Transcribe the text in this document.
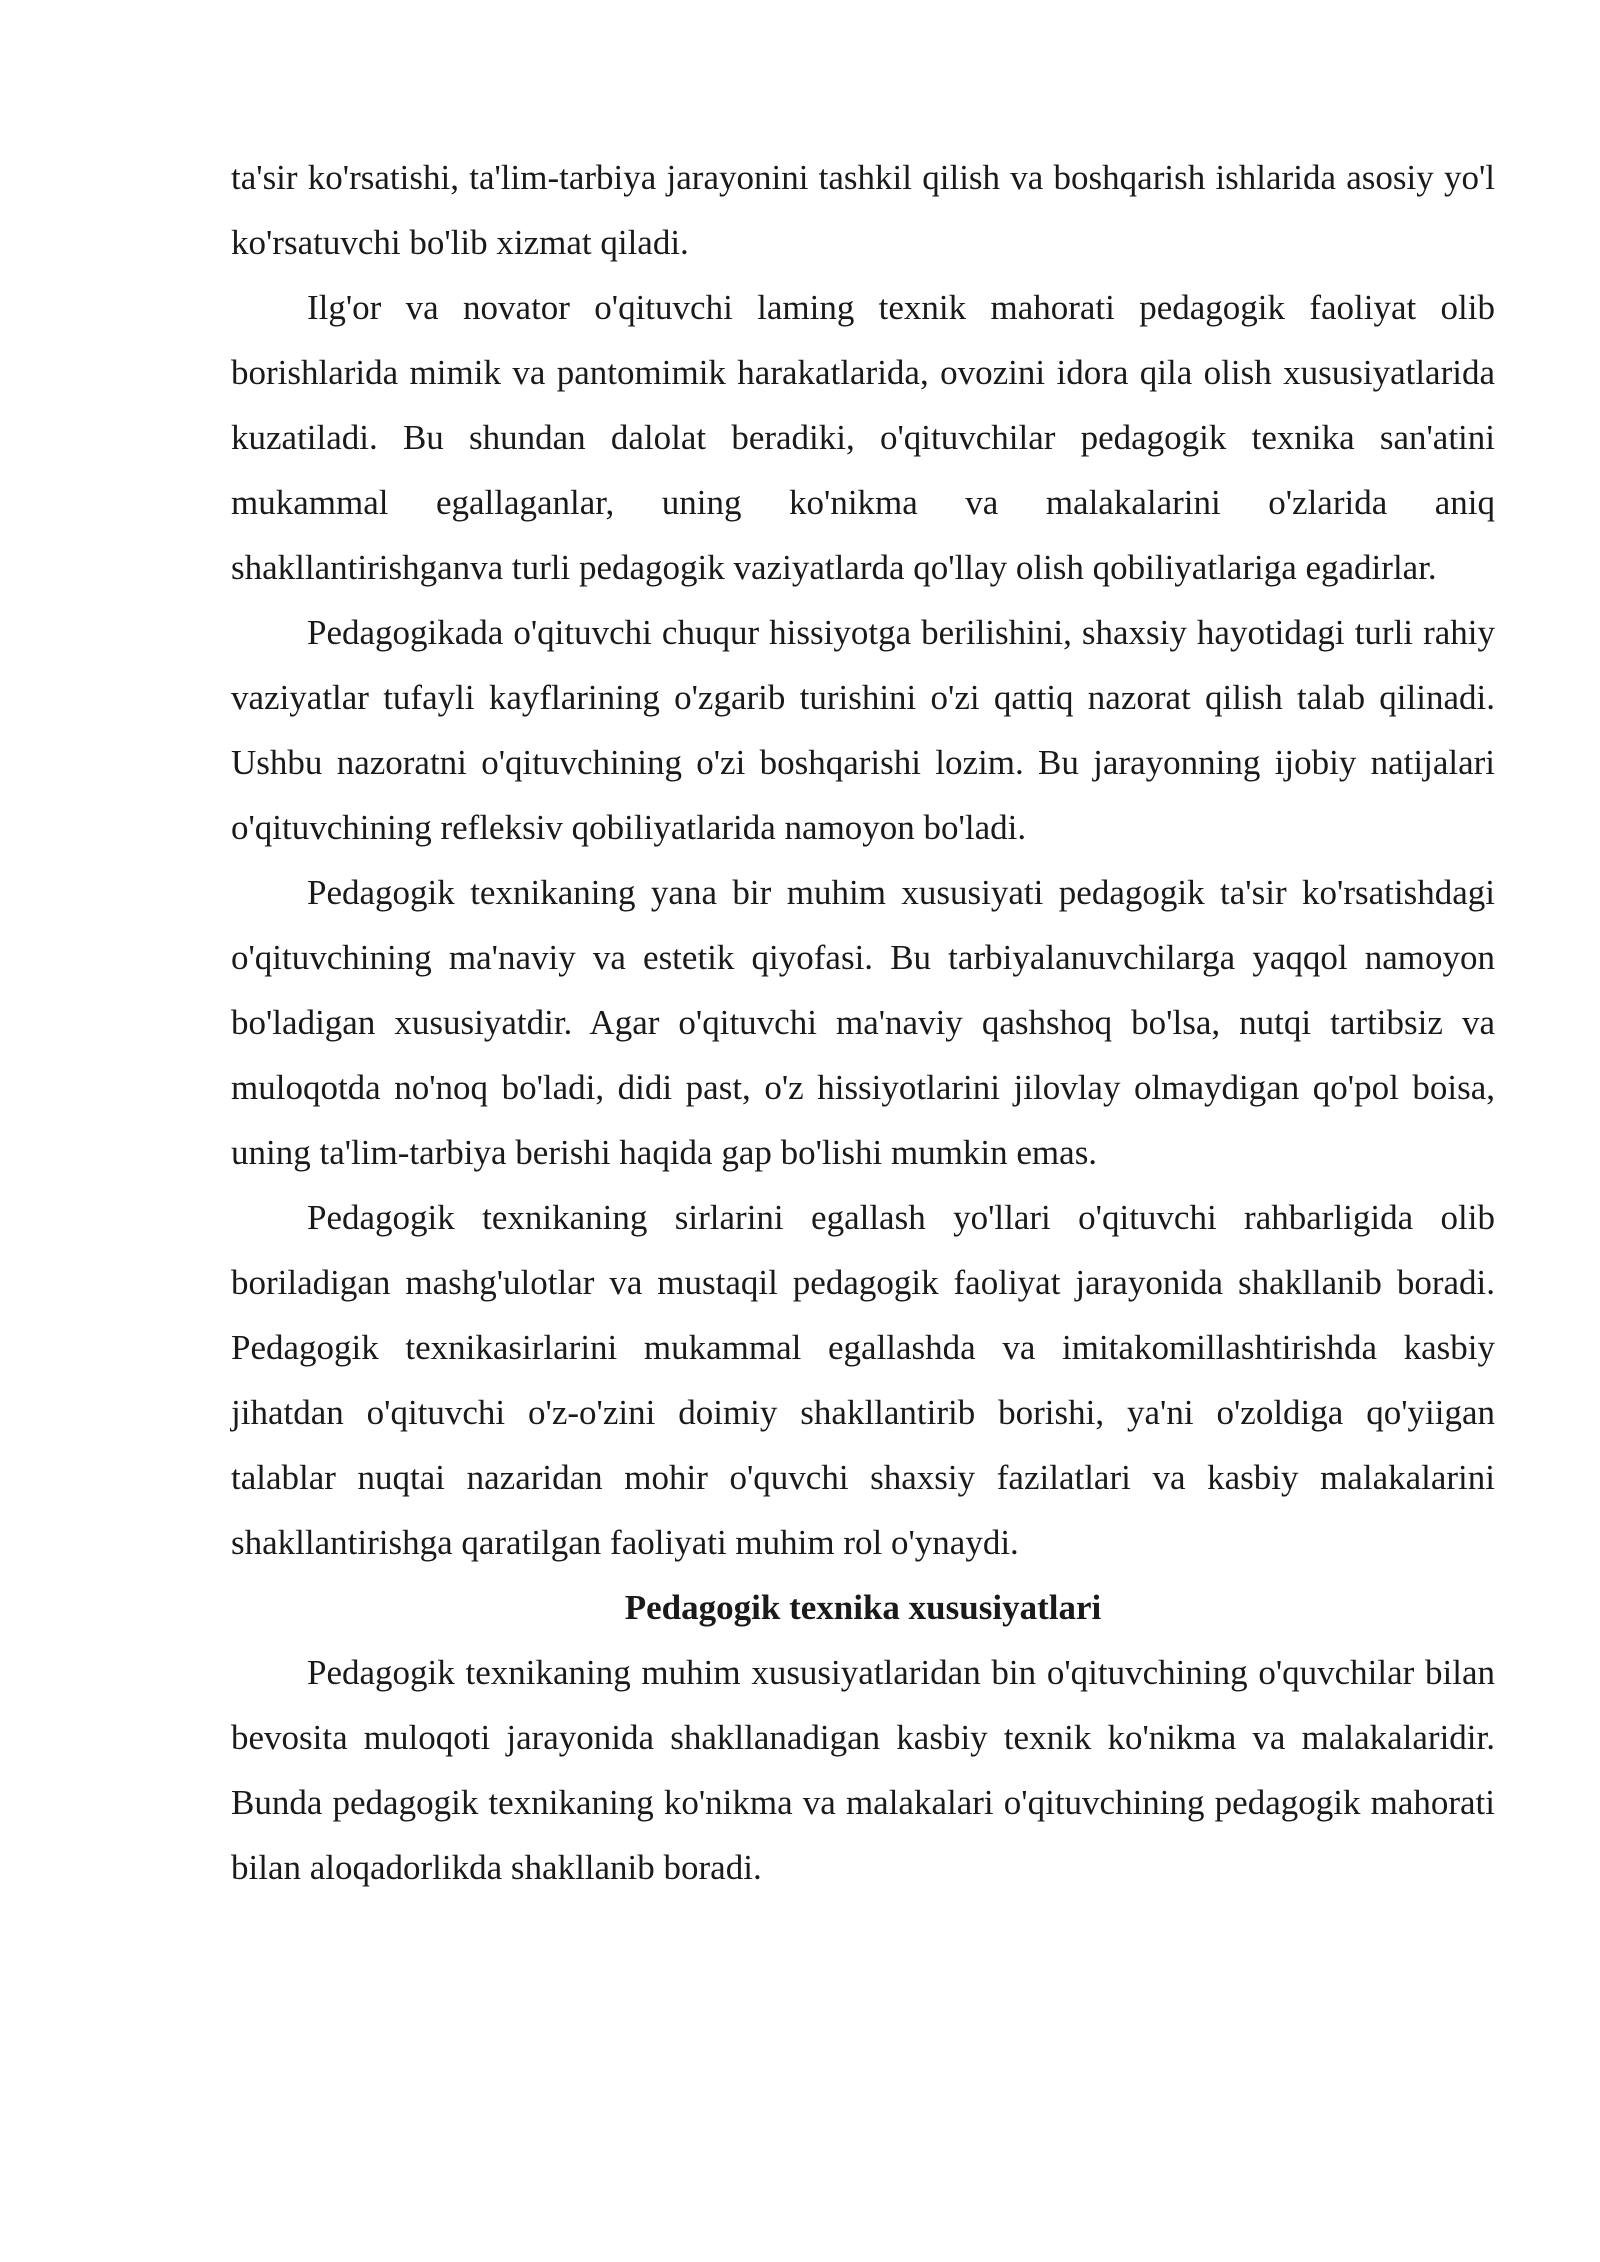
ta'sir ko'rsatishi, ta'lim-tarbiya jarayonini tashkil qilish va boshqarish ishlarida asosiy yo'l ko'rsatuvchi bo'lib xizmat qiladi.

Ilg'or va novator o'qituvchi laming texnik mahorati pedagogik faoliyat olib borishlarida mimik va pantomimik harakatlarida, ovozini idora qila olish xususiyatlarida kuzatiladi. Bu shundan dalolat beradiki, o'qituvchilar pedagogik texnika san'atini mukammal egallaganlar, uning ko'nikma va malakalarini o'zlarida aniq shakllantirishganva turli pedagogik vaziyatlarda qo'llay olish qobiliyatlariga egadirlar.

Pedagogikada o'qituvchi chuqur hissiyotga berilishini, shaxsiy hayotidagi turli rahiy vaziyatlar tufayli kayflarining o'zgarib turishini o'zi qattiq nazorat qilish talab qilinadi. Ushbu nazoratni o'qituvchining o'zi boshqarishi lozim. Bu jarayonning ijobiy natijalari o'qituvchining refleksiv qobiliyatlarida namoyon bo'ladi.

Pedagogik texnikaning yana bir muhim xususiyati pedagogik ta'sir ko'rsatishdagi o'qituvchining ma'naviy va estetik qiyofasi. Bu tarbiyalanuvchilarga yaqqol namoyon bo'ladigan xususiyatdir. Agar o'qituvchi ma'naviy qashshoq bo'lsa, nutqi tartibsiz va muloqotda no'noq bo'ladi, didi past, o'z hissiyotlarini jilovlay olmaydigan qo'pol boisa, uning ta'lim-tarbiya berishi haqida gap bo'lishi mumkin emas.

Pedagogik texnikaning sirlarini egallash yo'llari o'qituvchi rahbarligida olib boriladigan mashg'ulotlar va mustaqil pedagogik faoliyat jarayonida shakllanib boradi. Pedagogik texnikasirlarini mukammal egallashda va imitakomillashtirishda kasbiy jihatdan o'qituvchi o'z-o'zini doimiy shakllantirib borishi, ya'ni o'zoldiga qo'yiigan talablar nuqtai nazaridan mohir o'quvchi shaxsiy fazilatlari va kasbiy malakalarini shakllantirishga qaratilgan faoliyati muhim rol o'ynaydi.

Pedagogik texnika xususiyatlari

Pedagogik texnikaning muhim xususiyatlaridan bin o'qituvchining o'quvchilar bilan bevosita muloqoti jarayonida shakllanadigan kasbiy texnik ko'nikma va malakalaridir. Bunda pedagogik texnikaning ko'nikma va malakalari o'qituvchining pedagogik mahorati bilan aloqadorlikda shakllanib boradi.
